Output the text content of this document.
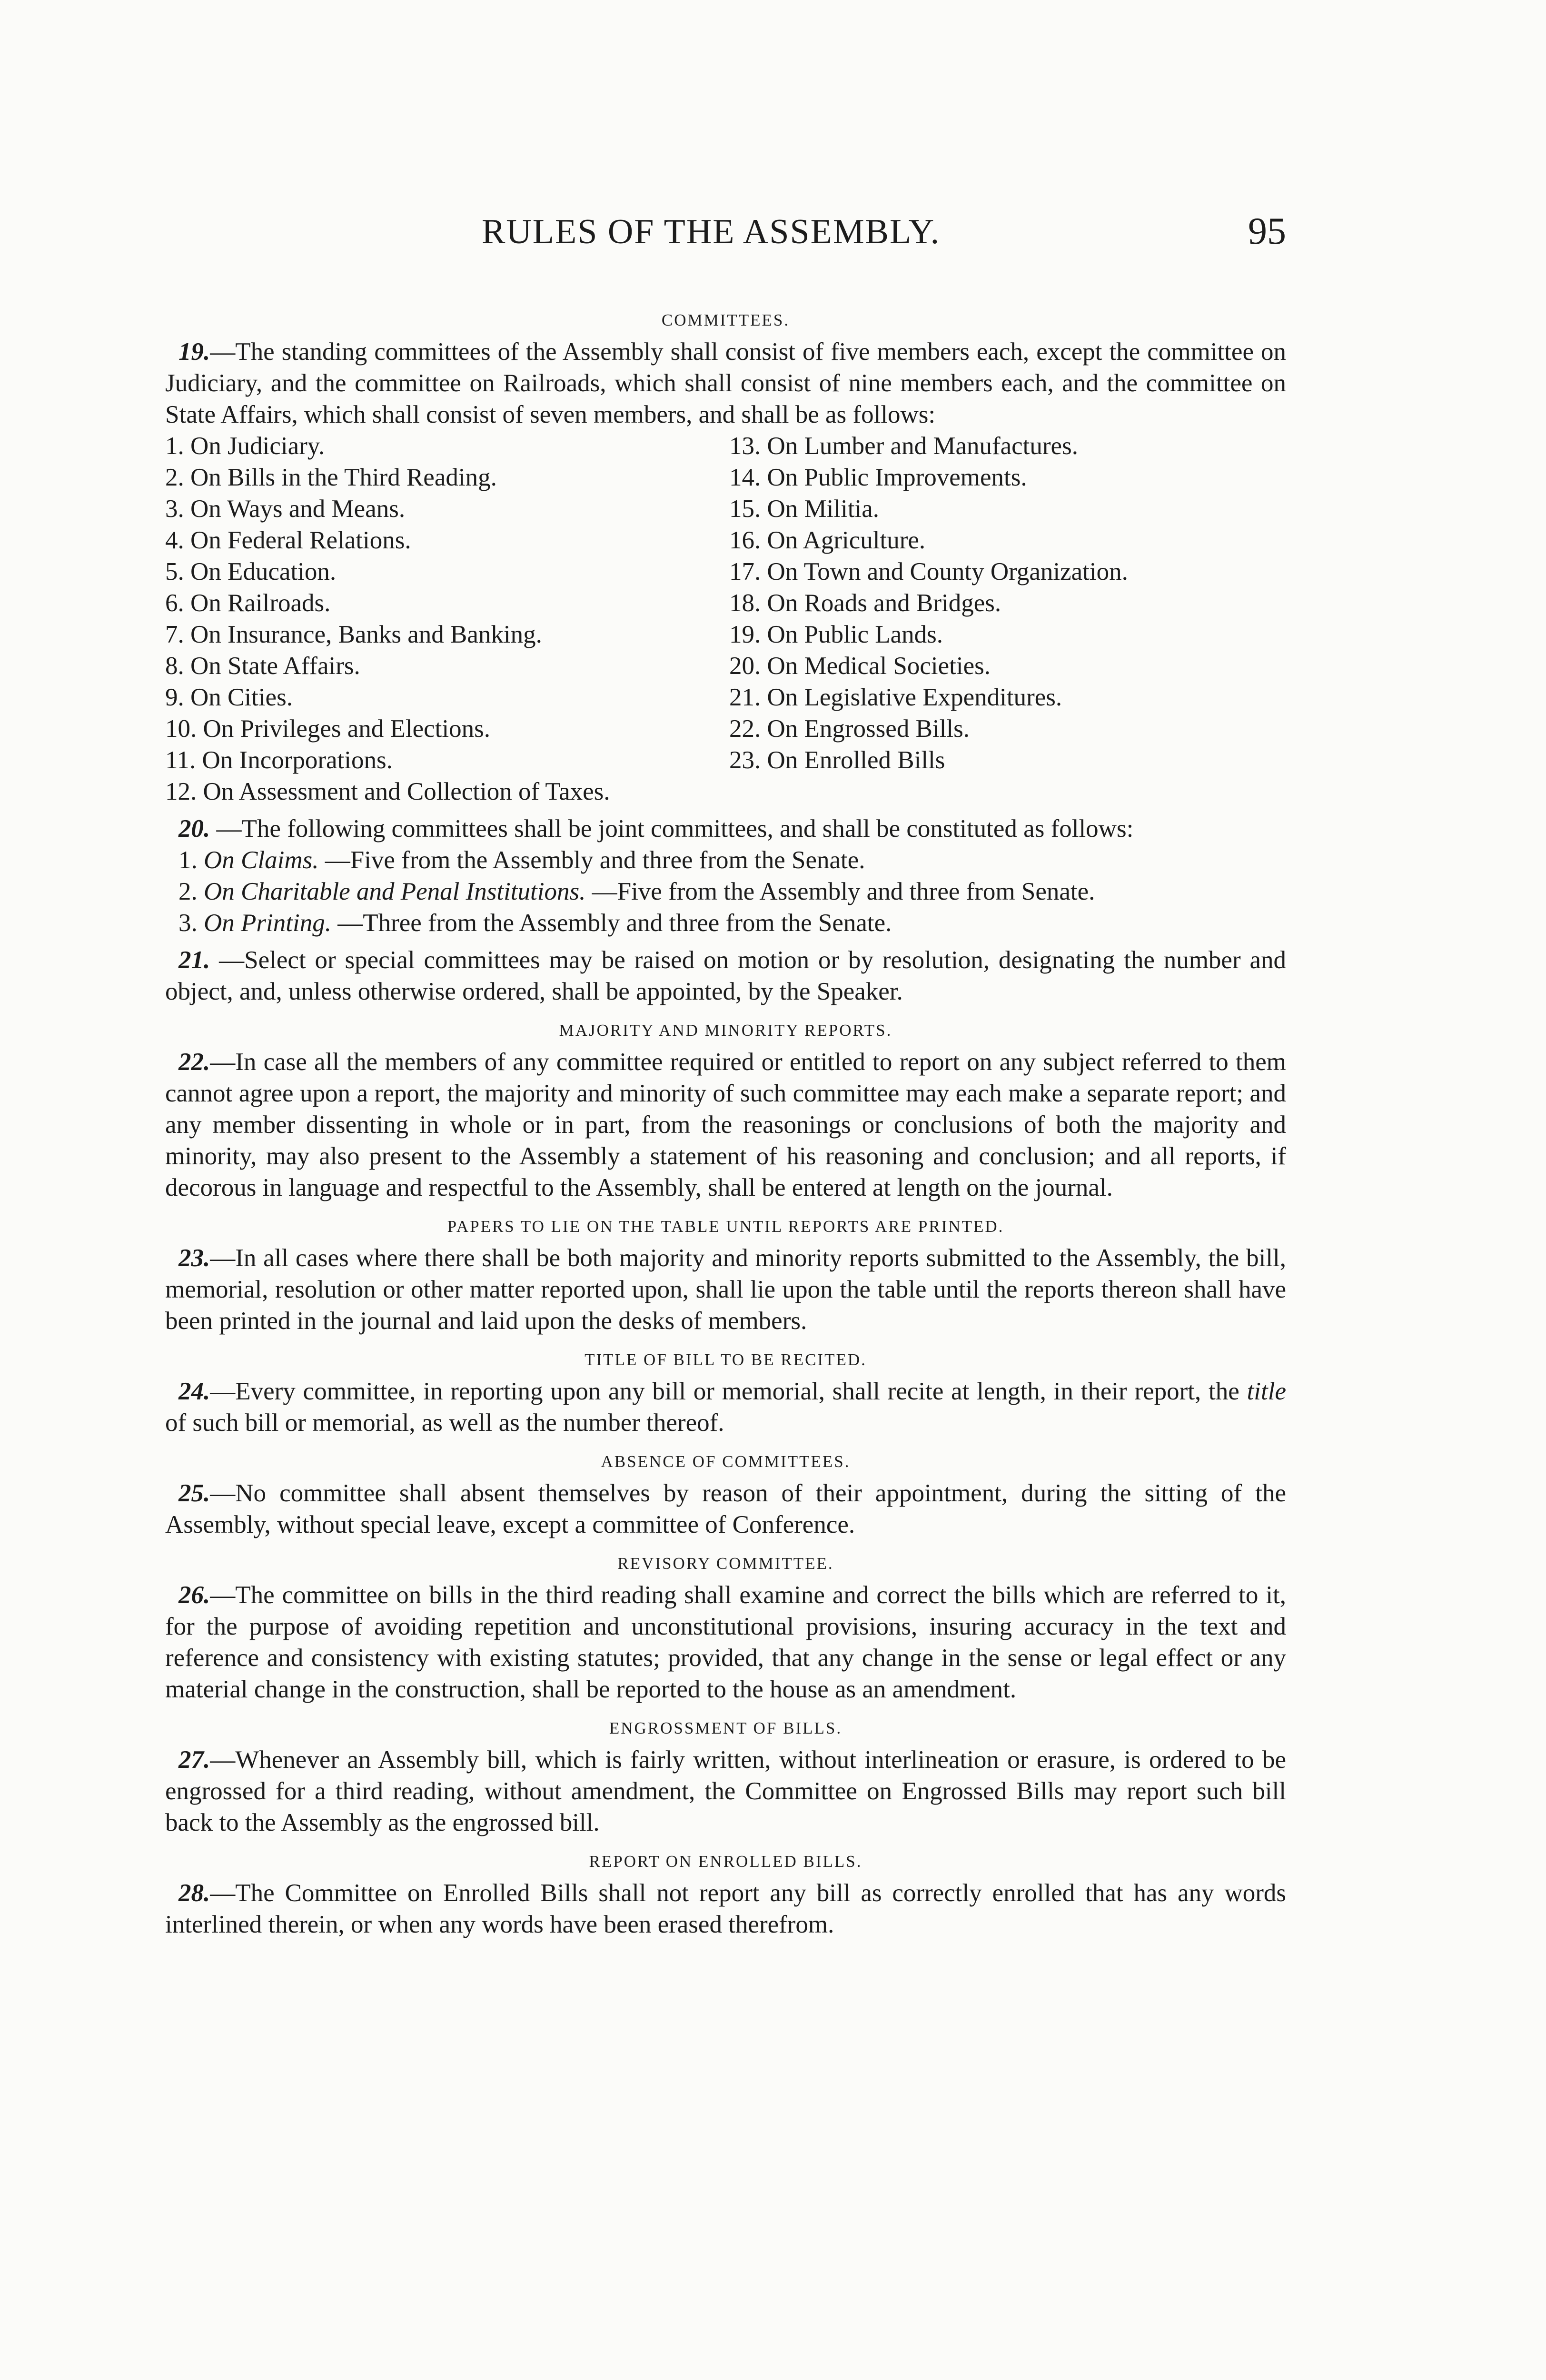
RULES OF THE ASSEMBLY.	95

COMMITTEES.

19.—The standing committees of the Assembly shall consist of five members each, except the committee on Judiciary, and the committee on Railroads, which shall consist of nine members each, and the committee on State Affairs, which shall consist of seven members, and shall be as follows:

1. On Judiciary.
2. On Bills in the Third Reading.
3. On Ways and Means.
4. On Federal Relations.
5. On Education.
6. On Railroads.
7. On Insurance, Banks and Banking.
8. On State Affairs.
9. On Cities.
10. On Privileges and Elections.
11. On Incorporations.
13. On Lumber and Manufactures.
14. On Public Improvements.
15. On Militia.
16. On Agriculture.
17. On Town and County Organization.
18. On Roads and Bridges.
19. On Public Lands.
20. On Medical Societies.
21. On Legislative Expenditures.
22. On Engrossed Bills.
23. On Enrolled Bills

12. On Assessment and Collection of Taxes.

20. —The following committees shall be joint committees, and shall be constituted as follows:

1. On Claims. —Five from the Assembly and three from the Senate.
2. On Charitable and Penal Institutions. —Five from the Assembly and three from Senate.
3. On Printing. —Three from the Assembly and three from the Senate.

21. —Select or special committees may be raised on motion or by resolution, designating the number and object, and, unless otherwise ordered, shall be appointed, by the Speaker.

MAJORITY AND MINORITY REPORTS.

22.—In case all the members of any committee required or entitled to report on any subject referred to them cannot agree upon a report, the majority and minority of such committee may each make a separate report; and any member dissenting in whole or in part, from the reasonings or conclusions of both the majority and minority, may also present to the Assembly a statement of his reasoning and conclusion; and all reports, if decorous in language and respectful to the Assembly, shall be entered at length on the journal.

PAPERS TO LIE ON THE TABLE UNTIL REPORTS ARE PRINTED.

23.—In all cases where there shall be both majority and minority reports submitted to the Assembly, the bill, memorial, resolution or other matter reported upon, shall lie upon the table until the reports thereon shall have been printed in the journal and laid upon the desks of members.

TITLE OF BILL TO BE RECITED.

24.—Every committee, in reporting upon any bill or memorial, shall recite at length, in their report, the title of such bill or memorial, as well as the number thereof.

ABSENCE OF COMMITTEES.

25.—No committee shall absent themselves by reason of their appointment, during the sitting of the Assembly, without special leave, except a committee of Conference.

REVISORY COMMITTEE.

26.—The committee on bills in the third reading shall examine and correct the bills which are referred to it, for the purpose of avoiding repetition and unconstitutional provisions, insuring accuracy in the text and reference and consistency with existing statutes; provided, that any change in the sense or legal effect or any material change in the construction, shall be reported to the house as an amendment.

ENGROSSMENT OF BILLS.

27.—Whenever an Assembly bill, which is fairly written, without interlineation or erasure, is ordered to be engrossed for a third reading, without amendment, the Committee on Engrossed Bills may report such bill back to the Assembly as the engrossed bill.

REPORT ON ENROLLED BILLS.

28.—The Committee on Enrolled Bills shall not report any bill as correctly enrolled that has any words interlined therein, or when any words have been erased therefrom.
